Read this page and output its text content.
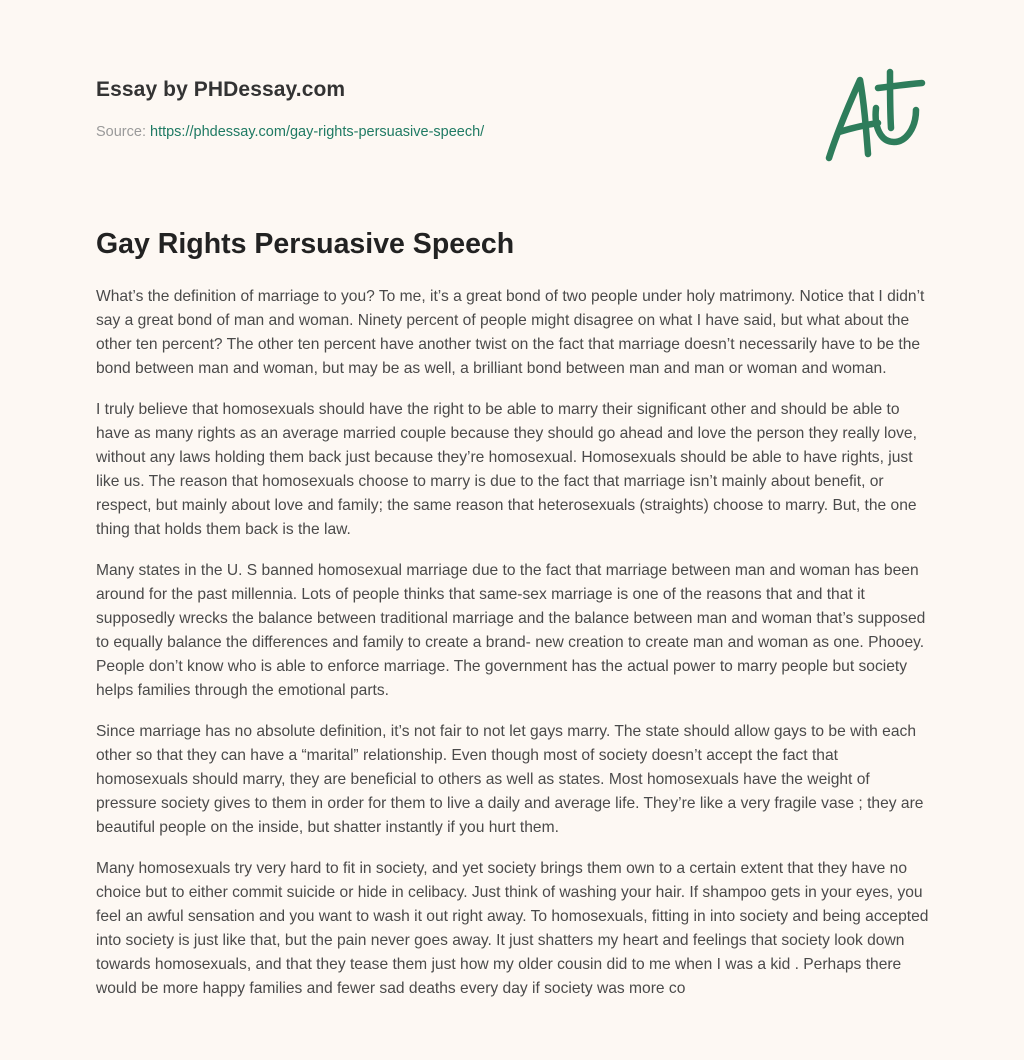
Essay by PHDessay.com
Source: https://phdessay.com/gay-rights-persuasive-speech/
Gay Rights Persuasive Speech

What’s the definition of marriage to you? To me, it’s a great bond of two people under holy matrimony. Notice that I didn’t say a great bond of man and woman. Ninety percent of people might disagree on what I have said, but what about the other ten percent? The other ten percent have another twist on the fact that marriage doesn’t necessarily have to be the bond between man and woman, but may be as well, a brilliant bond between man and man or woman and woman.

I truly believe that homosexuals should have the right to be able to marry their significant other and should be able to have as many rights as an average married couple because they should go ahead and love the person they really love, without any laws holding them back just because they’re homosexual. Homosexuals should be able to have rights, just like us. The reason that homosexuals choose to marry is due to the fact that marriage isn’t mainly about benefit, or respect, but mainly about love and family; the same reason that heterosexuals (straights) choose to marry. But, the one thing that holds them back is the law.

Many states in the U. S banned homosexual marriage due to the fact that marriage between man and woman has been around for the past millennia. Lots of people thinks that same-sex marriage is one of the reasons that and that it supposedly wrecks the balance between traditional marriage and the balance between man and woman that’s supposed to equally balance the differences and family to create a brand- new creation to create man and woman as one. Phooey. People don’t know who is able to enforce marriage. The government has the actual power to marry people but society helps families through the emotional parts.

Since marriage has no absolute definition, it’s not fair to not let gays marry. The state should allow gays to be with each other so that they can have a “marital” relationship. Even though most of society doesn’t accept the fact that homosexuals should marry, they are beneficial to others as well as states. Most homosexuals have the weight of pressure society gives to them in order for them to live a daily and average life. They’re like a very fragile vase ; they are beautiful people on the inside, but shatter instantly if you hurt them.

Many homosexuals try very hard to fit in society, and yet society brings them own to a certain extent that they have no choice but to either commit suicide or hide in celibacy. Just think of washing your hair. If shampoo gets in your eyes, you feel an awful sensation and you want to wash it out right away. To homosexuals, fitting in into society and being accepted into society is just like that, but the pain never goes away. It just shatters my heart and feelings that society look down towards homosexuals, and that they tease them just how my older cousin did to me when I was a kid . Perhaps there would be more happy families and fewer sad deaths every day if society was more co
